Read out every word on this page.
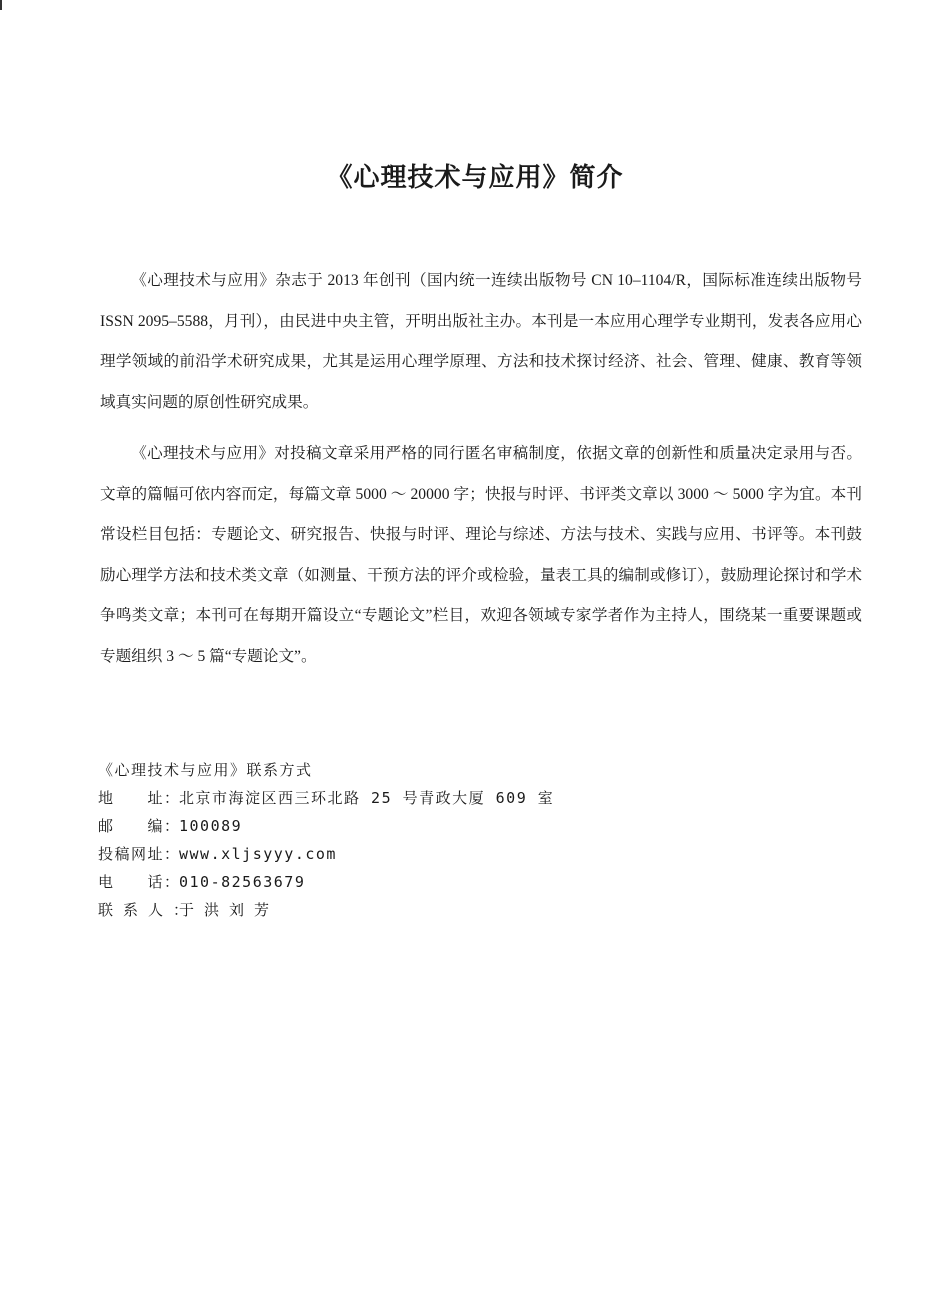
《心理技术与应用》简介

《心理技术与应用》杂志于 2013 年创刊（国内统一连续出版物号 CN 10–1104/R，国际标准连续出版物号 ISSN 2095–5588，月刊），由民进中央主管，开明出版社主办。本刊是一本应用心理学专业期刊，发表各应用心理学领域的前沿学术研究成果，尤其是运用心理学原理、方法和技术探讨经济、社会、管理、健康、教育等领域真实问题的原创性研究成果。

《心理技术与应用》对投稿文章采用严格的同行匿名审稿制度，依据文章的创新性和质量决定录用与否。文章的篇幅可依内容而定，每篇文章 5000 ～ 20000 字；快报与时评、书评类文章以 3000 ～ 5000 字为宜。本刊常设栏目包括：专题论文、研究报告、快报与时评、理论与综述、方法与技术、实践与应用、书评等。本刊鼓励心理学方法和技术类文章（如测量、干预方法的评介或检验，量表工具的编制或修订），鼓励理论探讨和学术争鸣类文章；本刊可在每期开篇设立“专题论文”栏目，欢迎各领域专家学者作为主持人，围绕某一重要课题或专题组织 3 ～ 5 篇“专题论文”。

《心理技术与应用》联系方式
地　　址：北京市海淀区西三环北路 25 号青政大厦 609 室
邮　　编：100089
投稿网址：www.xljsyyy.com
电　　话：010-82563679
联系人：于洪刘芳
